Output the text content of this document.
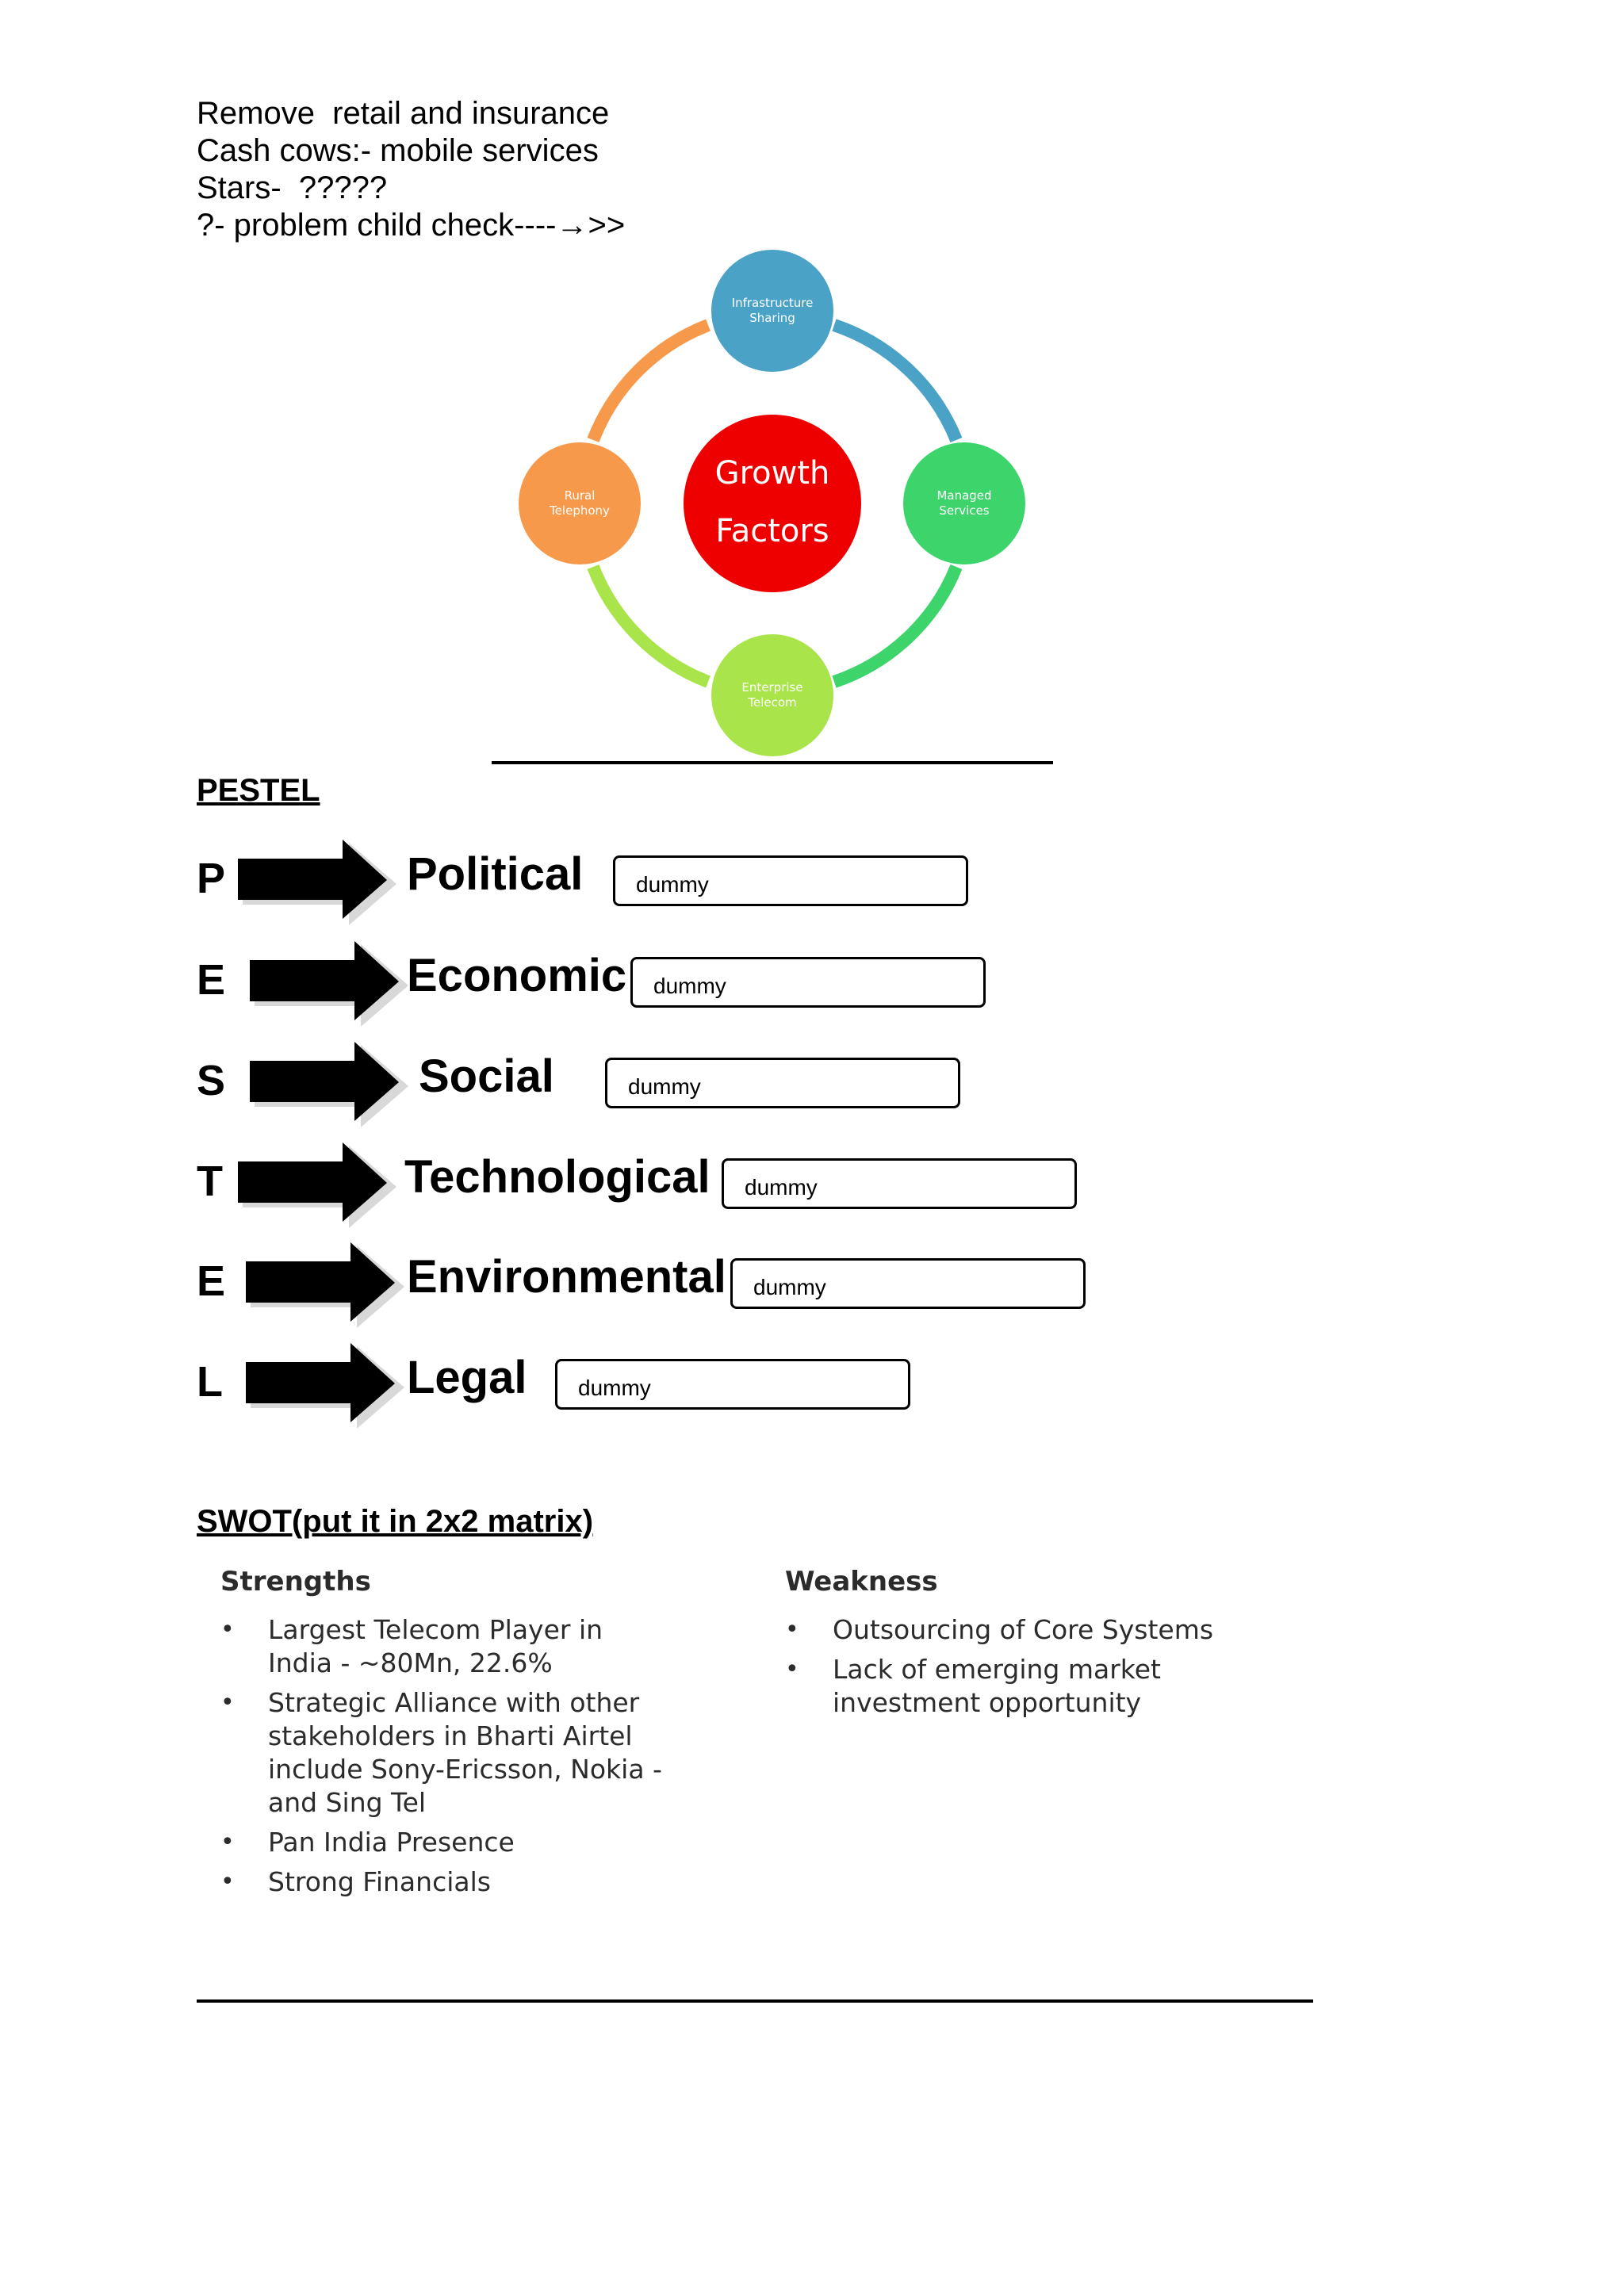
Remove  retail and insurance
Cash cows:- mobile services
Stars-  ?????
?- problem child check----→>>
Growth
Factors
Infrastructure
Sharing
Managed
Services
Enterprise
Telecom
Rural
Telephony
PESTEL
P	Political	dummy
E	Economic	dummy
S	Social	dummy
T	Technological	dummy
E	Environmental	dummy
L	Legal	dummy
SWOT(put it in 2x2 matrix)
Strengths
• Largest Telecom Player in India - ~80Mn, 22.6%
• Strategic Alliance with other stakeholders in Bharti Airtel include Sony-Ericsson, Nokia - and Sing Tel
• Pan India Presence
• Strong Financials
Weakness
• Outsourcing of Core Systems
• Lack of emerging market investment opportunity
